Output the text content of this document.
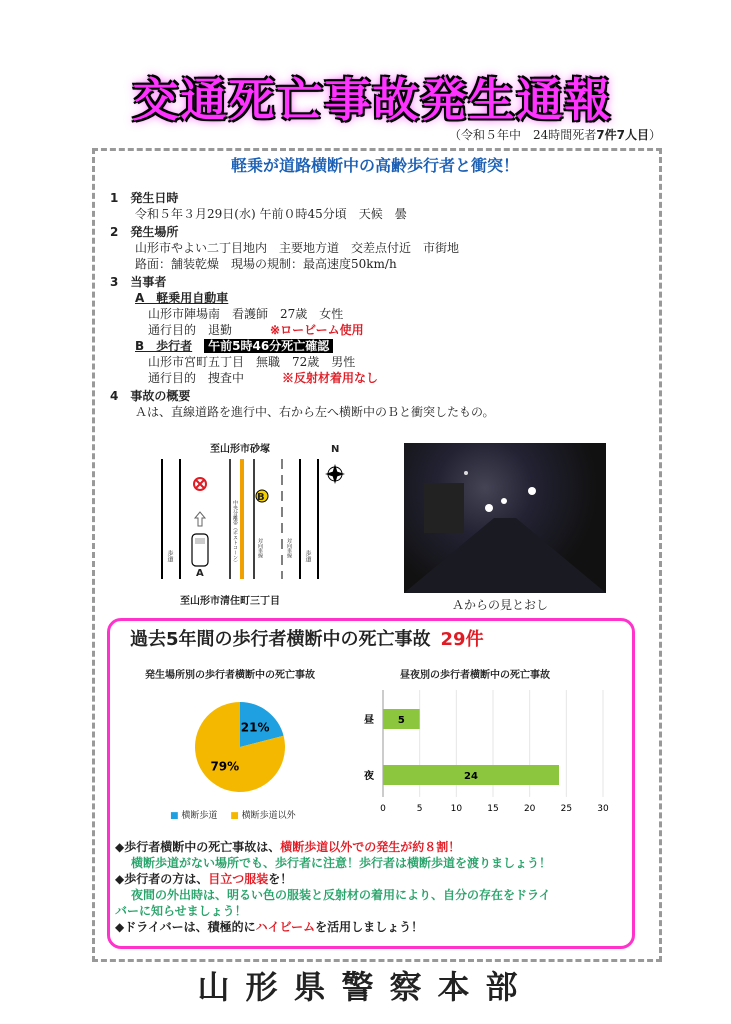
交通死亡事故発生通報
（令和５年中　24時間死者7件7人目）
軽乗が道路横断中の高齢歩行者と衝突！
1　 発生日時
令和５年３月29日(水) 午前０時45分頃　天候　曇
2　 発生場所
山形市やよい二丁目地内　主要地方道　交差点付近　市街地
路面：舗装乾燥　現場の規制：最高速度50km/h
3　 当事者
A　軽乗用自動車
山形市陣場南　看護師　27歳　女性
通行目的　退勤	※ロービーム使用
B　歩行者　 午前5時46分死亡確認
山形市宮町五丁目　無職　72歳　男性
通行目的　捜査中	※反射材着用なし
4　 事故の概要
Ａは、直線道路を進行中、右から左へ横断中のＢと衝突したもの。
至山形市砂塚	N
A
B
歩道	歩道
中央分離帯（ポストコーン）	対向車線	対向車線
至山形市清住町三丁目	Ａからの見とおし
過去5年間の歩行者横断中の死亡事故 29件
発生場所別の歩行者横断中の死亡事故
21%
79%
■ 横断歩道 ■ 横断歩道以外
昼夜別の歩行者横断中の死亡事故
0	5	10	15	20	25	30
昼 5
夜	24
◆歩行者横断中の死亡事故は、横断歩道以外での発生が約８割！
横断歩道がない場所でも、歩行者に注意！歩行者は横断歩道を渡りましょう！
◆歩行者の方は、目立つ服装を！
夜間の外出時は、明るい色の服装と反射材の着用により、自分の存在をドライ
バーに知らせましょう！
◆ドライバーは、積極的にハイビームを活用しましょう！
山形県警察本部
